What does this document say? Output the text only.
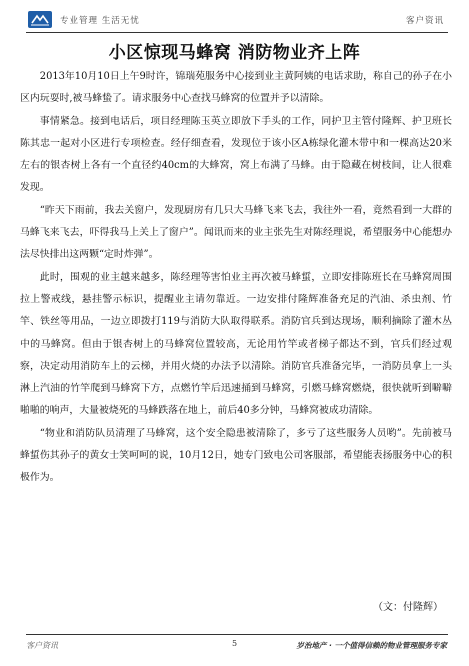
专业管理 生活无忧	客户资讯
小区惊现马蜂窝 消防物业齐上阵

2013年10月10日上午9时许，锦瑞苑服务中心接到业主黄阿姨的电话求助，称自己的孙子在小区内玩耍时,被马蜂蛰了。请求服务中心查找马蜂窝的位置并予以清除。

事情紧急。接到电话后，项目经理陈玉英立即放下手头的工作，同护卫主管付隆辉、护卫班长陈其忠一起对小区进行专项检查。经仔细查看，发现位于该小区A栋绿化灌木带中和一棵高达20米左右的银杏树上各有一个直径约40cm的大蜂窝，窝上布满了马蜂。由于隐藏在树枝间，让人很难发现。

“昨天下雨前，我去关窗户，发现厨房有几只大马蜂飞来飞去，我往外一看，竟然看到一大群的马蜂飞来飞去，吓得我马上关上了窗户”。闻讯而来的业主张先生对陈经理说，希望服务中心能想办法尽快排出这两颗“定时炸弹”。

此时，围观的业主越来越多，陈经理等害怕业主再次被马蜂蜇，立即安排陈班长在马蜂窝周围拉上警戒线，悬挂警示标识，提醒业主请勿靠近。一边安排付隆辉准备充足的汽油、杀虫剂、竹竿、铁丝等用品，一边立即拨打119与消防大队取得联系。消防官兵到达现场，顺利摘除了灌木丛中的马蜂窝。但由于银杏树上的马蜂窝位置较高，无论用竹竿或者梯子都达不到，官兵们经过观察，决定动用消防车上的云梯，并用火烧的办法予以清除。消防官兵准备完毕，一消防员拿上一头淋上汽油的竹竿爬到马蜂窝下方，点燃竹竿后迅速捅到马蜂窝，引燃马蜂窝燃烧，很快就听到噼噼啪啪的响声，大量被烧死的马蜂跌落在地上，前后40多分钟，马蜂窝被成功清除。

“物业和消防队员清理了马蜂窝，这个安全隐患被清除了，多亏了这些服务人员哟”。先前被马蜂蜇伤其孙子的黄女士笑呵呵的说，10月12日，她专门致电公司客服部，希望能表扬服务中心的积极作为。

（文：付隆辉）
客户资讯	5	岁治地产 · 一个值得信赖的物业管理服务专家
